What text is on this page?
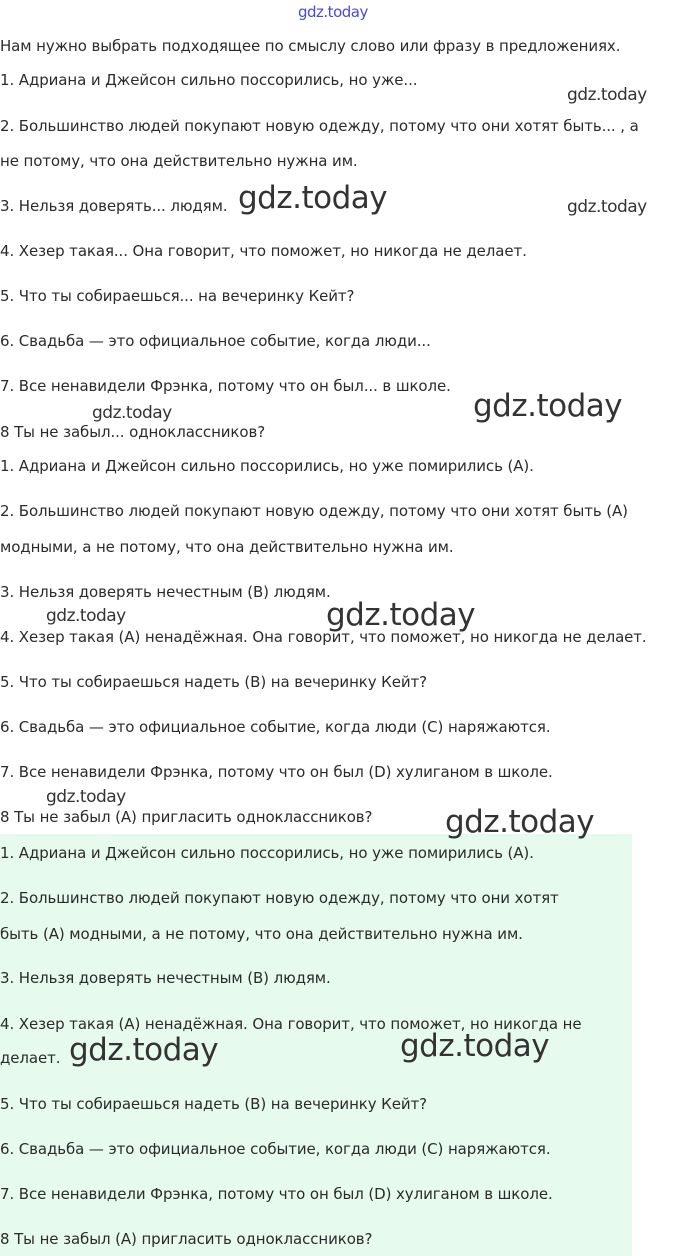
Нам нужно выбрать подходящее по смыслу слово или фразу в предложениях.

1. Адриана и Джейсон сильно поссорились, но уже...

2. Большинство людей покупают новую одежду, потому что они хотят быть... , а

не потому, что она действительно нужна им.

3. Нельзя доверять... людям.

4. Хезер такая... Она говорит, что поможет, но никогда не делает.

5. Что ты собираешься... на вечеринку Кейт?

6. Свадьба — это официальное событие, когда люди...

7. Все ненавидели Фрэнка, потому что он был... в школе.

8 Ты не забыл... одноклассников?

1. Адриана и Джейсон сильно поссорились, но уже помирились (А).

2. Большинство людей покупают новую одежду, потому что они хотят быть (А)

модными, а не потому, что она действительно нужна им.

3. Нельзя доверять нечестным (В) людям.

4. Хезер такая (А) ненадёжная. Она говорит, что поможет, но никогда не делает.

5. Что ты собираешься надеть (В) на вечеринку Кейт?

6. Свадьба — это официальное событие, когда люди (С) наряжаются.

7. Все ненавидели Фрэнка, потому что он был (D) хулиганом в школе.

8 Ты не забыл (А) пригласить одноклассников?

1. Адриана и Джейсон сильно поссорились, но уже помирились (А).

2. Большинство людей покупают новую одежду, потому что они хотят

быть (А) модными, а не потому, что она действительно нужна им.

3. Нельзя доверять нечестным (В) людям.

4. Хезер такая (А) ненадёжная. Она говорит, что поможет, но никогда не

делает.

5. Что ты собираешься надеть (В) на вечеринку Кейт?

6. Свадьба — это официальное событие, когда люди (С) наряжаются.

7. Все ненавидели Фрэнка, потому что он был (D) хулиганом в школе.

8 Ты не забыл (А) пригласить одноклассников?

gdz.today
gdz.today
gdz.today	gdz.today
gdz.today
gdz.today
gdz.today
gdz.today
gdz.today
gdz.today
gdz.today
gdz.today
